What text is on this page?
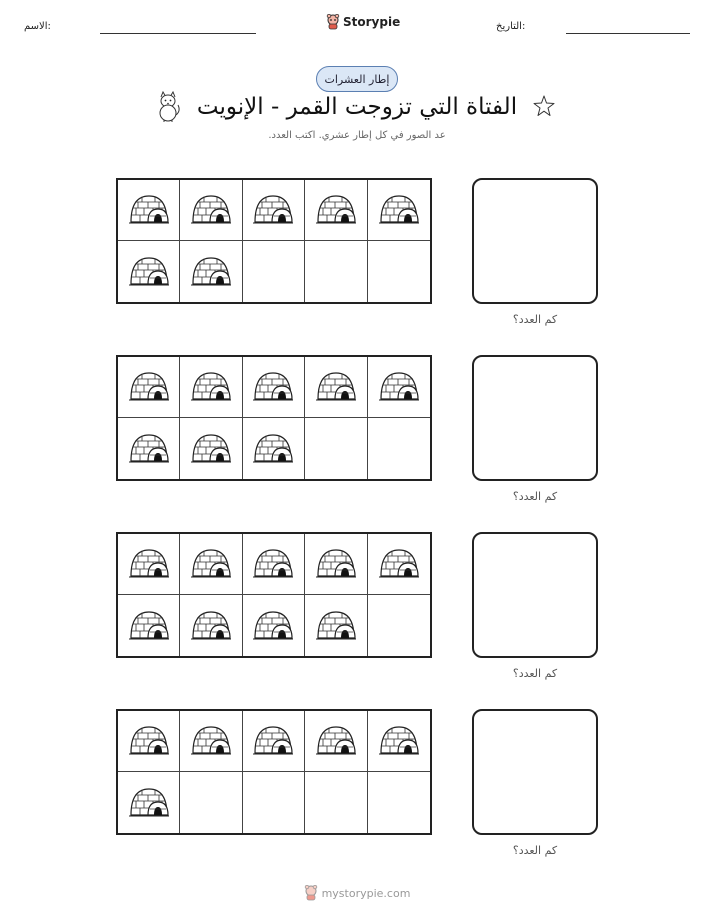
الاسم:	Storypie	التاريخ:
إطار العشرات
الفتاة التي تزوجت القمر - الإنويت
عد الصور في كل إطار عشري. اكتب العدد.
كم العدد؟
كم العدد؟
كم العدد؟
كم العدد؟
mystorypie.com
